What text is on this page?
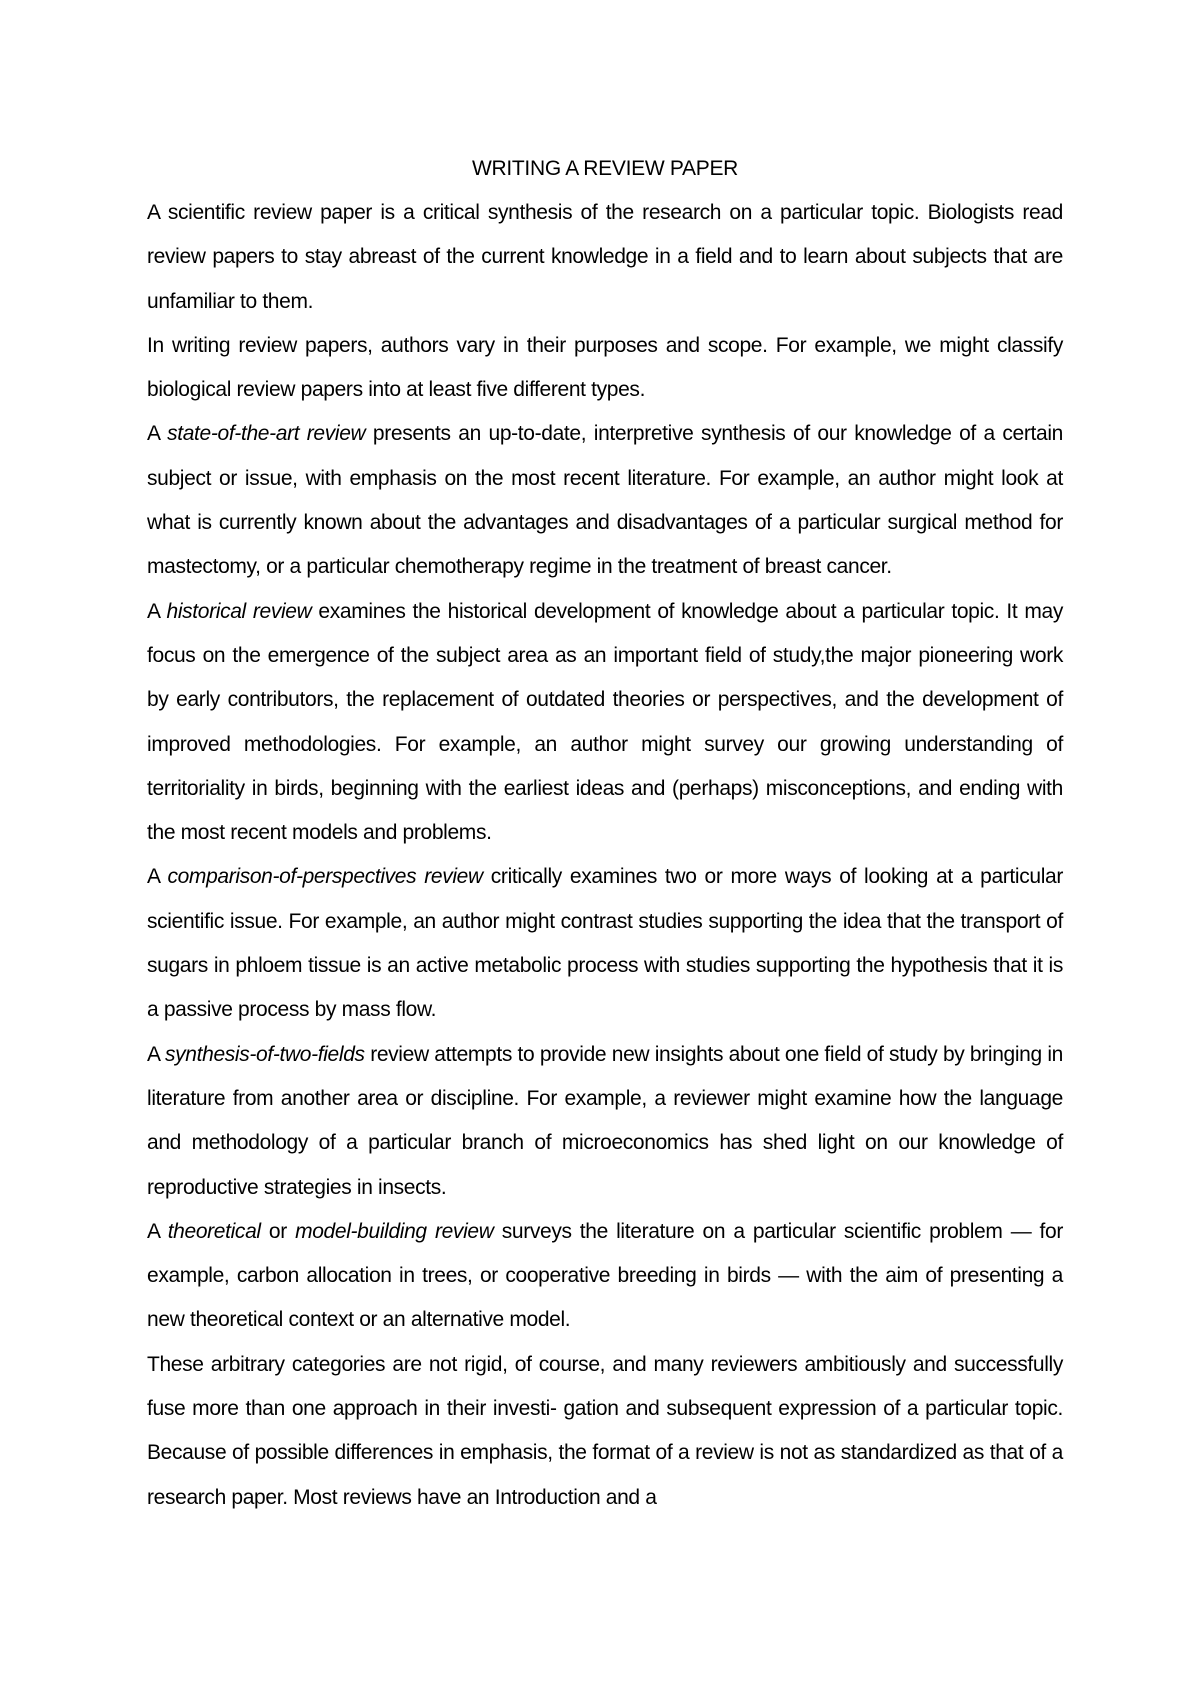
WRITING A REVIEW PAPER

A scientific review paper is a critical synthesis of the research on a particular topic. Biologists read review papers to stay abreast of the current knowledge in a field and to learn about subjects that are unfamiliar to them.

In writing review papers, authors vary in their purposes and scope. For example, we might classify biological review papers into at least five different types.

A state-of-the-art review presents an up-to-date, interpretive synthesis of our knowledge of a certain subject or issue, with emphasis on the most recent literature. For example, an author might look at what is currently known about the advantages and disadvantages of a particular surgical method for mastectomy, or a particular chemotherapy regime in the treatment of breast cancer.

A historical review examines the historical development of knowledge about a particular topic. It may focus on the emergence of the subject area as an important field of study,the major pioneering work by early contributors, the replacement of outdated theories or perspectives, and the development of improved methodologies. For example, an author might survey our growing understanding of territoriality in birds, beginning with the earliest ideas and (perhaps) misconceptions, and ending with the most recent models and problems.

A comparison-of-perspectives review critically examines two or more ways of looking at a particular scientific issue. For example, an author might contrast studies supporting the idea that the transport of sugars in phloem tissue is an active metabolic process with studies supporting the hypothesis that it is a passive process by mass flow.

A synthesis-of-two-fields review attempts to provide new insights about one field of study by bringing in literature from another area or discipline. For example, a reviewer might examine how the language and methodology of a particular branch of microeconomics has shed light on our knowledge of reproductive strategies in insects.

A theoretical or model-building review surveys the literature on a particular scientific problem — for example, carbon allocation in trees, or cooperative breeding in birds — with the aim of presenting a new theoretical context or an alternative model.

These arbitrary categories are not rigid, of course, and many reviewers ambitiously and successfully fuse more than one approach in their investi- gation and subsequent expression of a particular topic. Because of possible differences in emphasis, the format of a review is not as standardized as that of a research paper. Most reviews have an Introduction and a
